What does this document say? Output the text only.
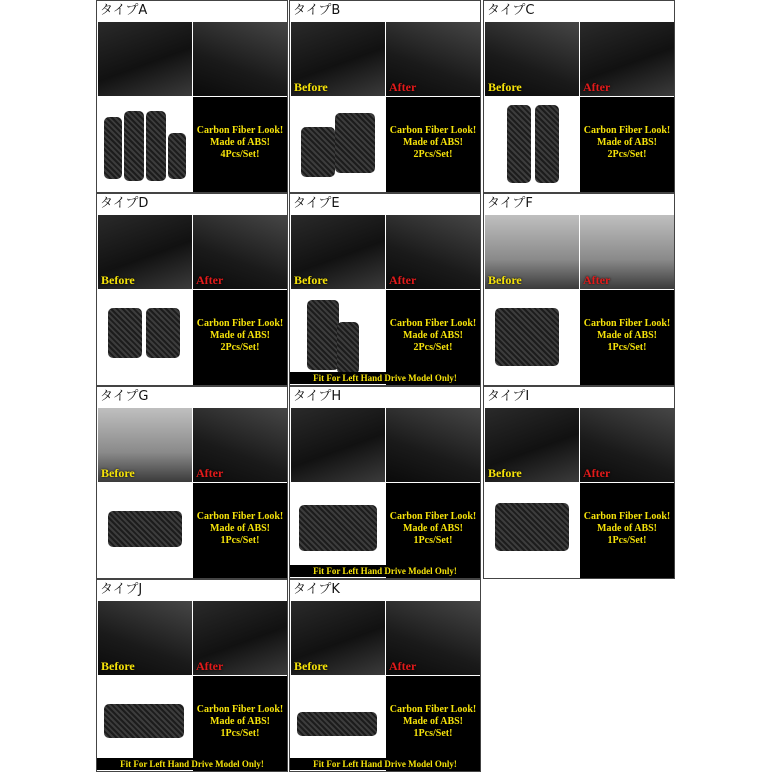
タイプA
Carbon Fiber Look!
Made of ABS!
4Pcs/Set!
タイプB
Before	After
Carbon Fiber Look!
Made of ABS!
2Pcs/Set!
タイプC
Before	After
Carbon Fiber Look!
Made of ABS!
2Pcs/Set!
タイプD
Before	After
Carbon Fiber Look!
Made of ABS!
2Pcs/Set!
タイプE
Before	After
Carbon Fiber Look!
Made of ABS!
2Pcs/Set!
Fit For Left Hand Drive Model Only!
タイプF
Before	After
Carbon Fiber Look!
Made of ABS!
1Pcs/Set!
タイプG
Before	After
Carbon Fiber Look!
Made of ABS!
1Pcs/Set!
タイプH
Carbon Fiber Look!
Made of ABS!
1Pcs/Set!
Fit For Left Hand Drive Model Only!
タイプI
Before	After
Carbon Fiber Look!
Made of ABS!
1Pcs/Set!
タイプJ
Before	After
Carbon Fiber Look!
Made of ABS!
1Pcs/Set!
Fit For Left Hand Drive Model Only!
タイプK
Before	After
Carbon Fiber Look!
Made of ABS!
1Pcs/Set!
Fit For Left Hand Drive Model Only!
